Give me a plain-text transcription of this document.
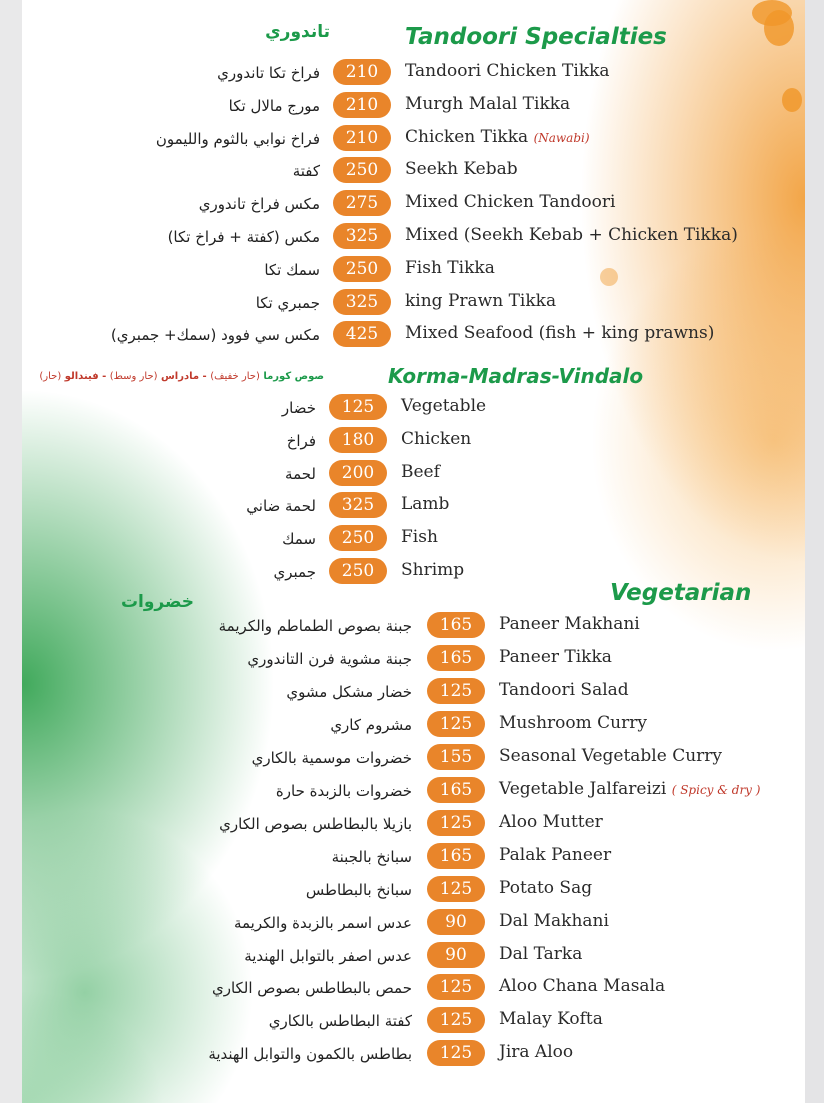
تاندوري	Tandoori Specialties
فراخ تكا تاندوري	210	Tandoori Chicken Tikka
مورج مالال تكا	210	Murgh Malal Tikka
فراخ نوابي بالثوم والليمون	210	Chicken Tikka (Nawabi)
كفتة	250	Seekh Kebab
مكس فراخ تاندوري	275	Mixed Chicken Tandoori
مكس (كفتة + فراخ تكا)	325	Mixed (Seekh Kebab + Chicken Tikka)
سمك تكا	250	Fish Tikka
جمبري تكا	325	king Prawn Tikka
مكس سي فوود (سمك+ جمبري)	425	Mixed Seafood (fish + king prawns)
صوص كورما (حار خفيف) - مادراس (حار وسط) - فيندالو (حار)	Korma-Madras-Vindalo
خضار	125	Vegetable
فراخ	180	Chicken
لحمة	200	Beef
لحمة ضاني	325	Lamb
سمك	250	Fish
جمبري	250	Shrimp
خضروات	Vegetarian
جبنة بصوص الطماطم والكريمة	165	Paneer Makhani
جبنة مشوية فرن التاندوري	165	Paneer Tikka
خضار مشكل مشوي	125	Tandoori Salad
مشروم كاري	125	Mushroom Curry
خضروات موسمية بالكاري	155	Seasonal Vegetable Curry
خضروات بالزبدة حارة	165	Vegetable Jalfareizi ( Spicy & dry )
بازيلا بالبطاطس بصوص الكاري	125	Aloo Mutter
سبانخ بالجبنة	165	Palak Paneer
سبانخ بالبطاطس	125	Potato Sag
عدس اسمر بالزبدة والكريمة	90	Dal Makhani
عدس اصفر بالتوابل الهندية	90	Dal Tarka
حمص بالبطاطس بصوص الكاري	125	Aloo Chana Masala
كفتة البطاطس بالكاري	125	Malay Kofta
بطاطس بالكمون والتوابل الهندية	125	Jira Aloo
